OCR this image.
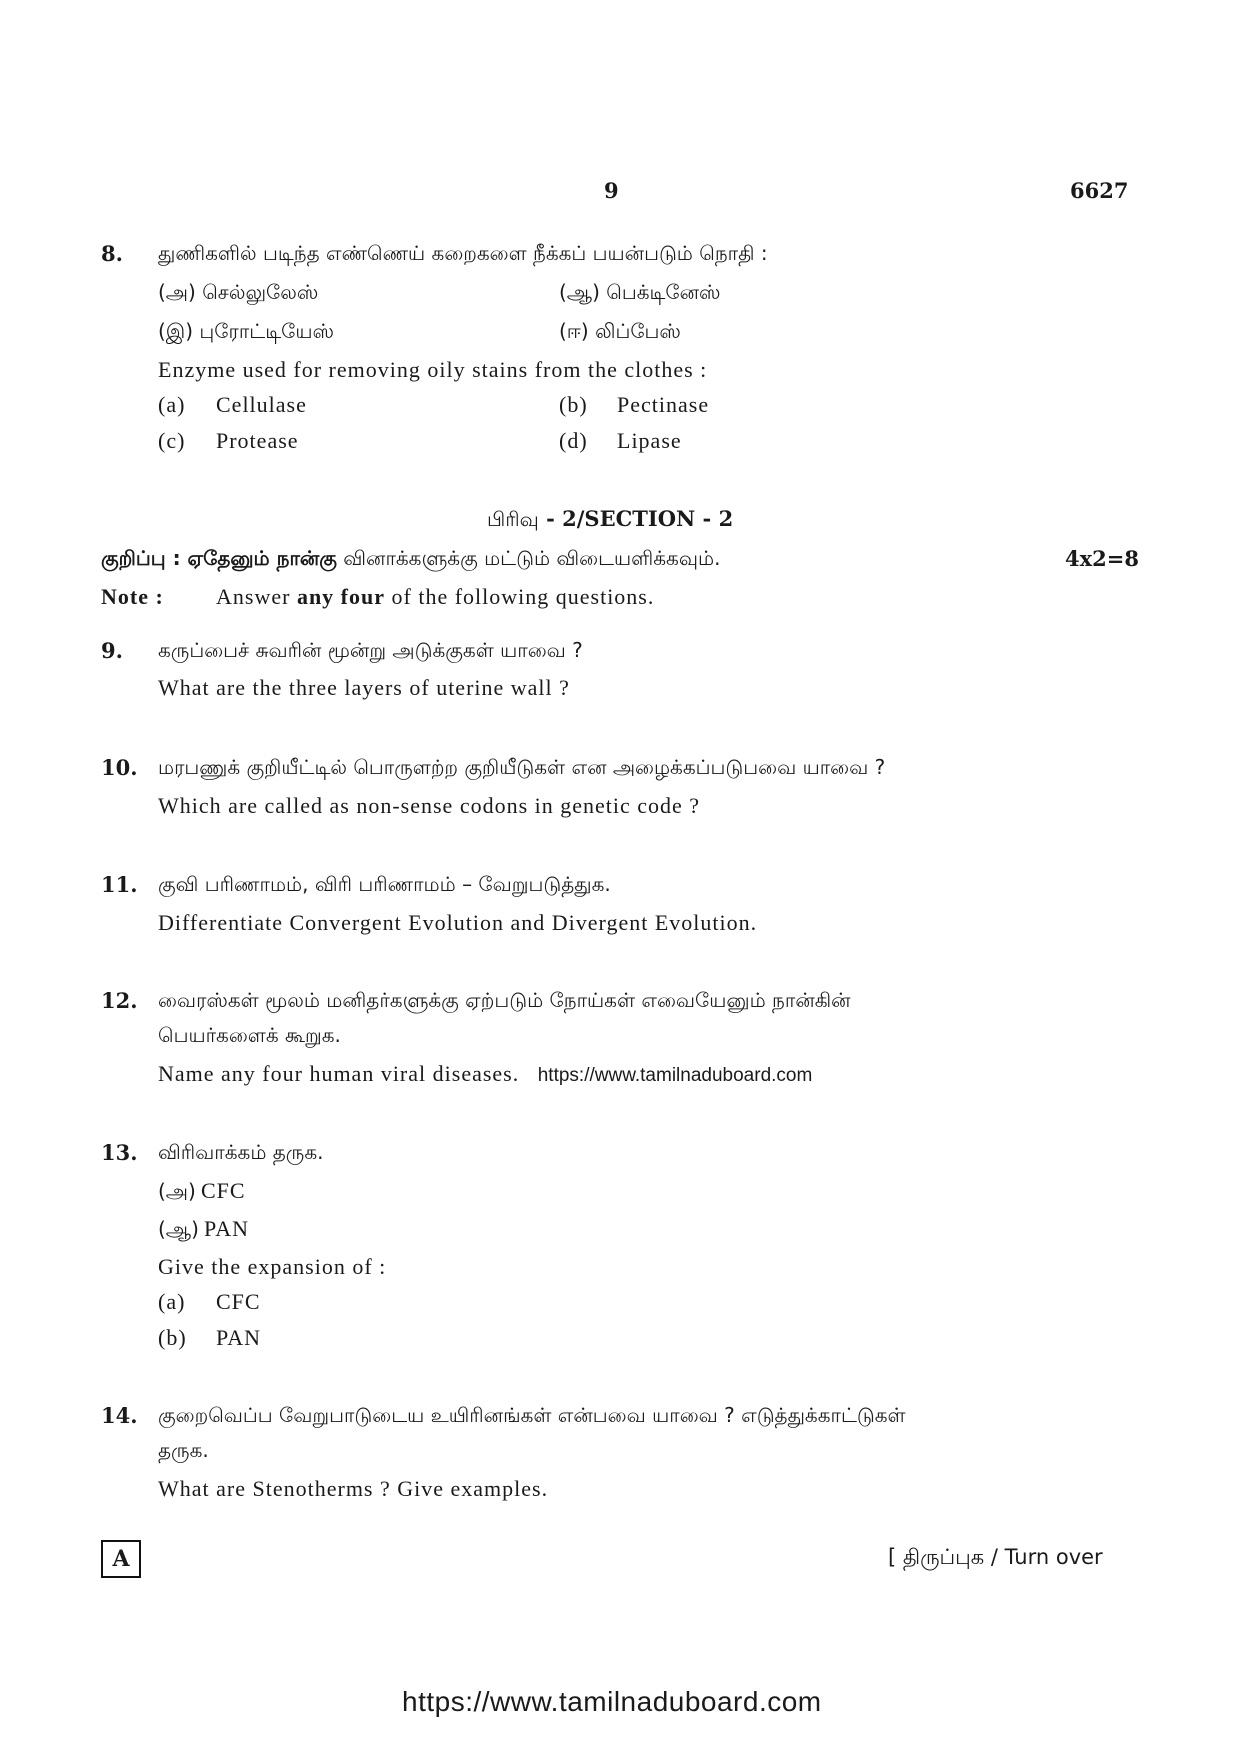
9	6627
8. துணிகளில் படிந்த எண்ணெய் கறைகளை நீக்கப் பயன்படும் நொதி :
(அ) செல்லுலேஸ்	(ஆ) பெக்டினேஸ்
(இ) புரோட்டியேஸ்	(ஈ) லிப்பேஸ்
Enzyme used for removing oily stains from the clothes :
(a) Cellulase	(b) Pectinase
(c) Protease	(d) Lipase
பிரிவு - 2/SECTION - 2
குறிப்பு : ஏதேனும் நான்கு வினாக்களுக்கு மட்டும் விடையளிக்கவும்.	4x2=8
Note : Answer any four of the following questions.
9. கருப்பைச் சுவரின் மூன்று அடுக்குகள் யாவை ?
What are the three layers of uterine wall ?
10. மரபணுக் குறியீட்டில் பொருளற்ற குறியீடுகள் என அழைக்கப்படுபவை யாவை ?
Which are called as non-sense codons in genetic code ?
11. குவி பரிணாமம், விரி பரிணாமம் – வேறுபடுத்துக.
Differentiate Convergent Evolution and Divergent Evolution.
12. வைரஸ்கள் மூலம் மனிதர்களுக்கு ஏற்படும் நோய்கள் எவையேனும் நான்கின்
பெயர்களைக் கூறுக.
Name any four human viral diseases. https://www.tamilnaduboard.com
13. விரிவாக்கம் தருக.
(அ) CFC
(ஆ) PAN
Give the expansion of :
(a) CFC
(b) PAN
14. குறைவெப்ப வேறுபாடுடைய உயிரினங்கள் என்பவை யாவை ? எடுத்துக்காட்டுகள்
தருக.
What are Stenotherms ? Give examples.
A	[ திருப்புக / Turn over
https://www.tamilnaduboard.com
